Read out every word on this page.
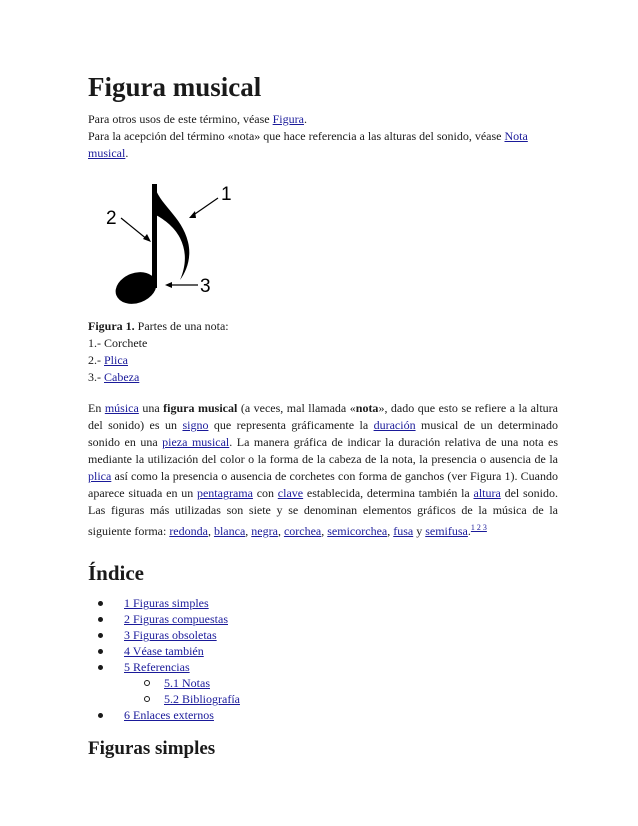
Figura musical

Para otros usos de este término, véase Figura.
Para la acepción del término «nota» que hace referencia a las alturas del sonido, véase Nota musical.

1
2
3

Figura 1. Partes de una nota:
1.- Corchete
2.- Plica
3.- Cabeza

En música una figura musical (a veces, mal llamada «nota», dado que esto se refiere a la altura del sonido) es un signo que representa gráficamente la duración musical de un determinado sonido en una pieza musical. La manera gráfica de indicar la duración relativa de una nota es mediante la utilización del color o la forma de la cabeza de la nota, la presencia o ausencia de la plica así como la presencia o ausencia de corchetes con forma de ganchos (ver Figura 1). Cuando aparece situada en un pentagrama con clave establecida, determina también la altura del sonido. Las figuras más utilizadas son siete y se denominan elementos gráficos de la música de la siguiente forma: redonda, blanca, negra, corchea, semicorchea, fusa y semifusa.$^{1 2 3}$

Índice
1 Figuras simples
2 Figuras compuestas
3 Figuras obsoletas
4 Véase también
5 Referencias
5.1 Notas
5.2 Bibliografía
6 Enlaces externos
Figuras simples
